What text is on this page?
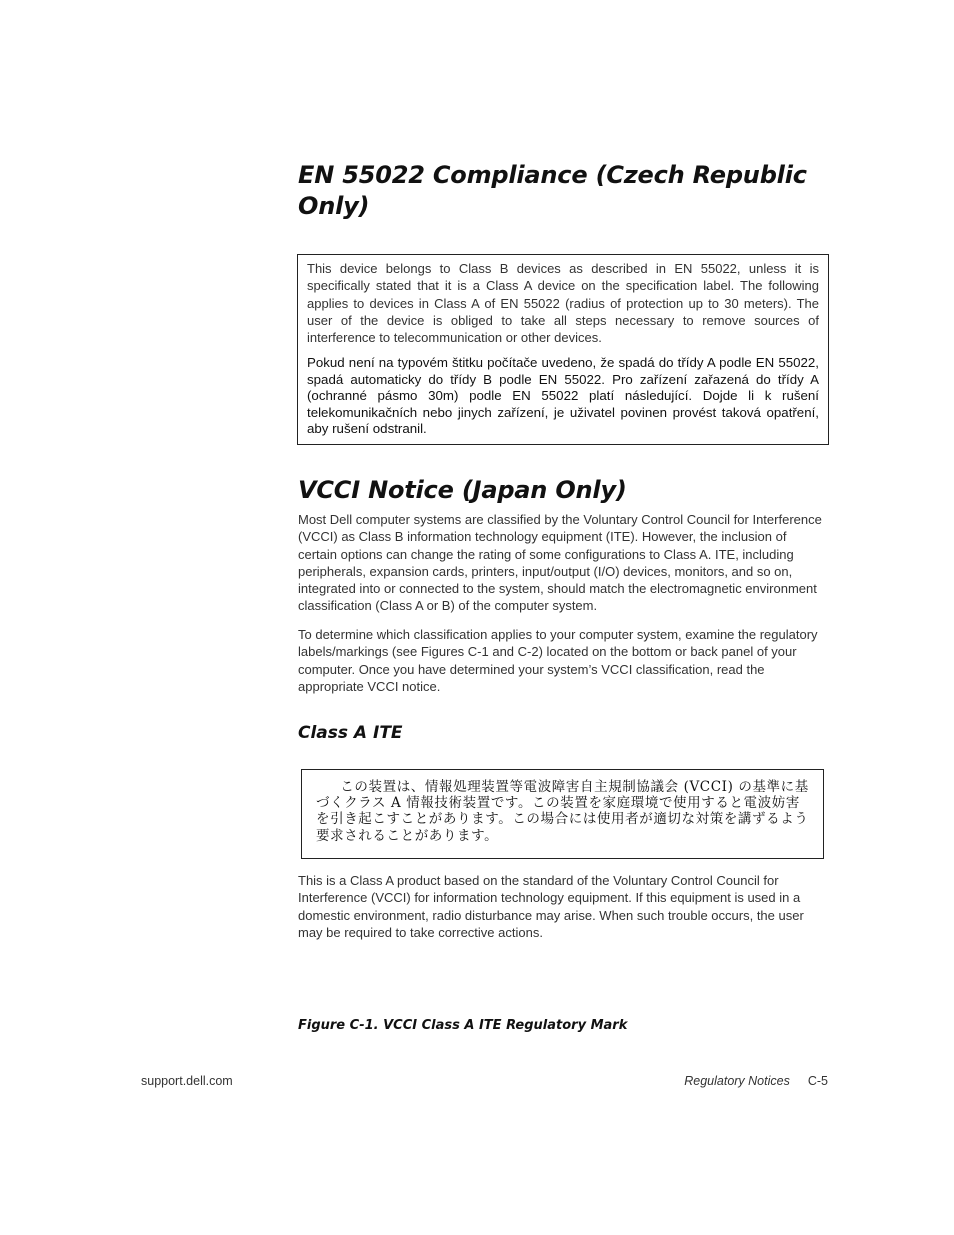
EN 55022 Compliance (Czech Republic Only)

This device belongs to Class B devices as described in EN 55022, unless it is specifically stated that it is a Class A device on the specification label. The following applies to devices in Class A of EN 55022 (radius of protection up to 30 meters). The user of the device is obliged to take all steps necessary to remove sources of interference to telecommunication or other devices.

Pokud není na typovém štitku počítače uvedeno, že spadá do třídy A podle EN 55022, spadá automaticky do třídy B podle EN 55022. Pro zařízení zařazená do třídy A (ochranné pásmo 30m) podle EN 55022 platí následující. Dojde li k rušení telekomunikačních nebo jinych zařízení, je uživatel povinen provést taková opatření, aby rušení odstranil.

VCCI Notice (Japan Only)

Most Dell computer systems are classified by the Voluntary Control Council for Interference (VCCI) as Class B information technology equipment (ITE). However, the inclusion of certain options can change the rating of some configurations to Class A. ITE, including peripherals, expansion cards, printers, input/output (I/O) devices, monitors, and so on, integrated into or connected to the system, should match the electromagnetic environment classification (Class A or B) of the computer system.

To determine which classification applies to your computer system, examine the regulatory labels/markings (see Figures C-1 and C-2) located on the bottom or back panel of your computer. Once you have determined your system’s VCCI classification, read the appropriate VCCI notice.

Class A ITE

この装置は、情報処理装置等電波障害自主規制協議会 (VCCI) の基準に基づくクラス A 情報技術装置です。この装置を家庭環境で使用すると電波妨害を引き起こすことがあります。この場合には使用者が適切な対策を講ずるよう要求されることがあります。

This is a Class A product based on the standard of the Voluntary Control Council for Interference (VCCI) for information technology equipment. If this equipment is used in a domestic environment, radio disturbance may arise. When such trouble occurs, the user may be required to take corrective actions.

Figure C-1. VCCI Class A ITE Regulatory Mark

support.dell.com	Regulatory Notices C-5
